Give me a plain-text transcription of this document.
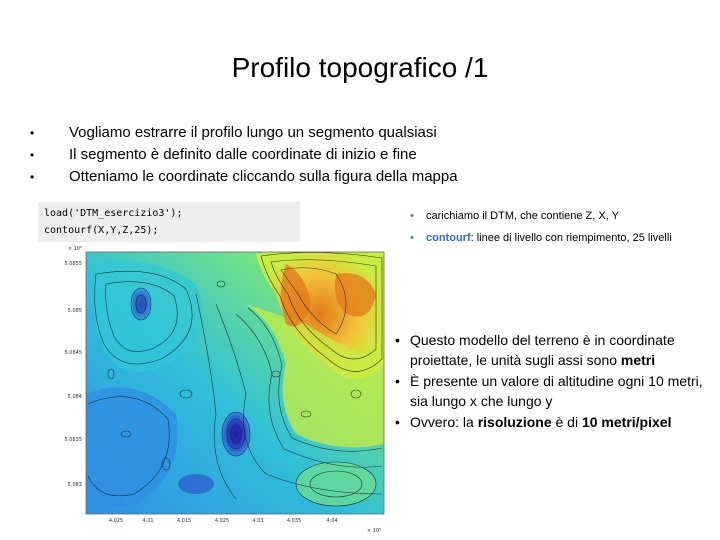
Profilo topografico /1
• Vogliamo estrarre il profilo lungo un segmento qualsiasi
• Il segmento è definito dalle coordinate di inizio e fine
• Otteniamo le coordinate cliccando sulla figura della mappa
load('DTM_esercizio3');
contourf(X,Y,Z,25);
• carichiamo il DTM, che contiene Z, X, Y
• contourf: linee di livello con riempimento, 25 livelli
× 10⁶
5.0855
5.085
5.0845
5.084
5.0835
5.083
4.025	4.01	4.015	4.025	4.03	4.035	4.04
× 10⁵
• Questo modello del terreno è in coordinate proiettate, le unità sugli assi sono metri
• È presente un valore di altitudine ogni 10 metri, sia lungo x che lungo y
• Ovvero: la risoluzione è di 10 metri/pixel
